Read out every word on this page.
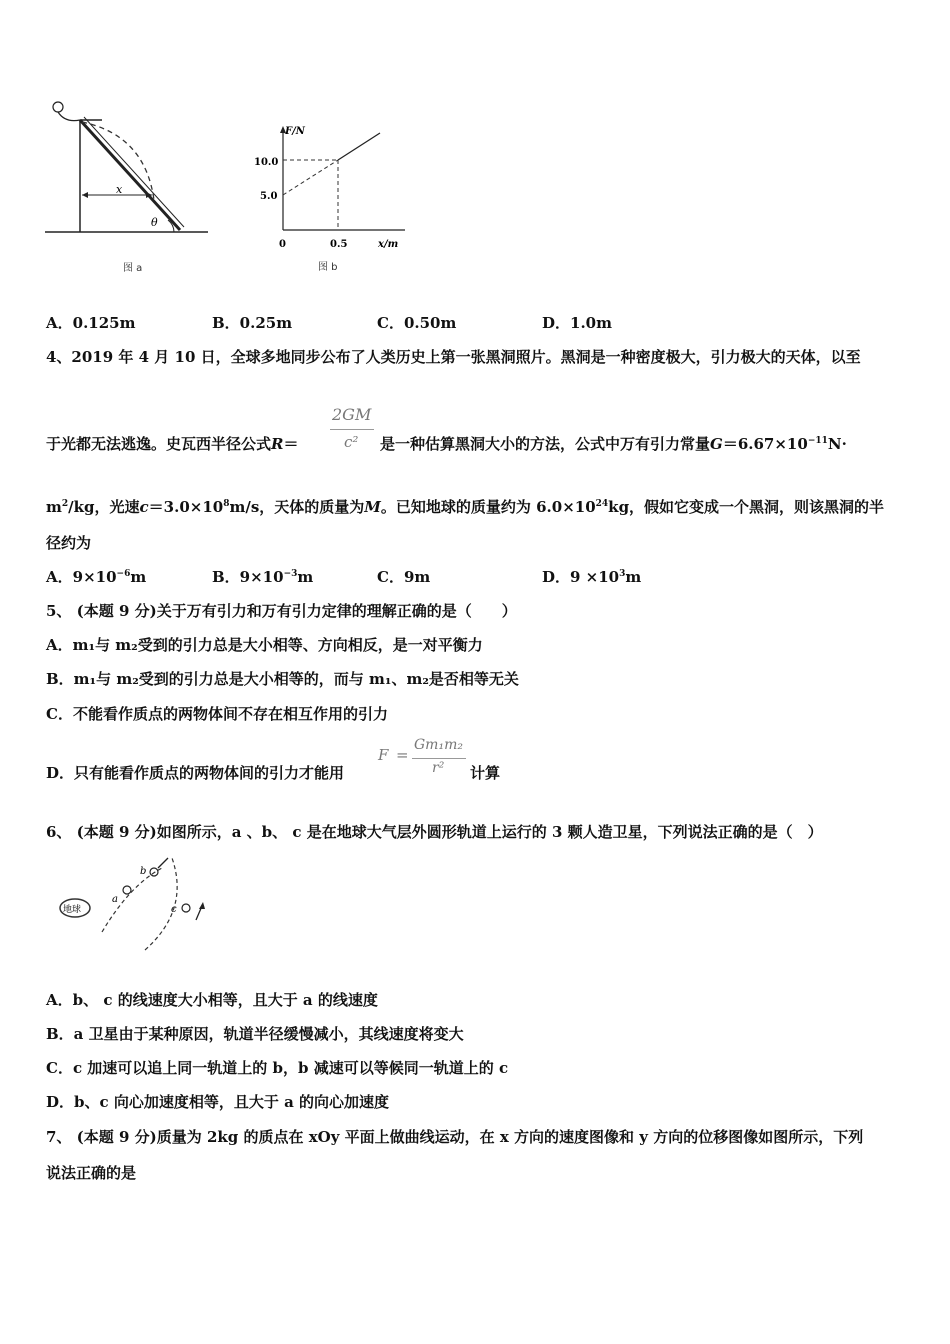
x
θ
图 a
F/N
x/m
0
10.0
5.0
0.5
图 b
A．0.125m	B．0.25m	C．0.50m	D．1.0m
4、2019 年 4 月 10 日，全球多地同步公布了人类历史上第一张黑洞照片。黑洞是一种密度极大，引力极大的天体，以至
2GM
c²
于光都无法逃逸。史瓦西半径公式R＝	是一种估算黑洞大小的方法，公式中万有引力常量$G=6.67\times 10^{-11}N\cdot$
$m^2/kg$，光速$c=3.0\times 10^8m/s$，天体的质量为M。已知地球的质量约为 $6.0\times 10^{24}kg$，假如它变成一个黑洞，则该黑洞的半
径约为
A．$9\times 10^{-6}m$	B．$9\times 10^{-3}m$	C．9m	D．$9 \times 10^3m$
5、 (本题 9 分)关于万有引力和万有引力定律的理解正确的是（　　）
A．m₁与 m₂受到的引力总是大小相等、方向相反，是一对平衡力
B．m₁与 m₂受到的引力总是大小相等的，而与 m₁、m₂是否相等无关
C．不能看作质点的两物体间不存在相互作用的引力
D．只有能看作质点的两物体间的引力才能用
F =
Gm₁m₂
r² 计算
6、 (本题 9 分)如图所示，a 、b、 c 是在地球大气层外圆形轨道上运行的 3 颗人造卫星，下列说法正确的是（　）
地球
a
b
c
A．b、 c 的线速度大小相等，且大于 a 的线速度
B．a 卫星由于某种原因，轨道半径缓慢减小，其线速度将变大
C．c 加速可以追上同一轨道上的 b，b 减速可以等候同一轨道上的 c
D．b、c 向心加速度相等，且大于 a 的向心加速度
7、 (本题 9 分)质量为 2kg 的质点在 xOy 平面上做曲线运动，在 x 方向的速度图像和 y 方向的位移图像如图所示，下列
说法正确的是
